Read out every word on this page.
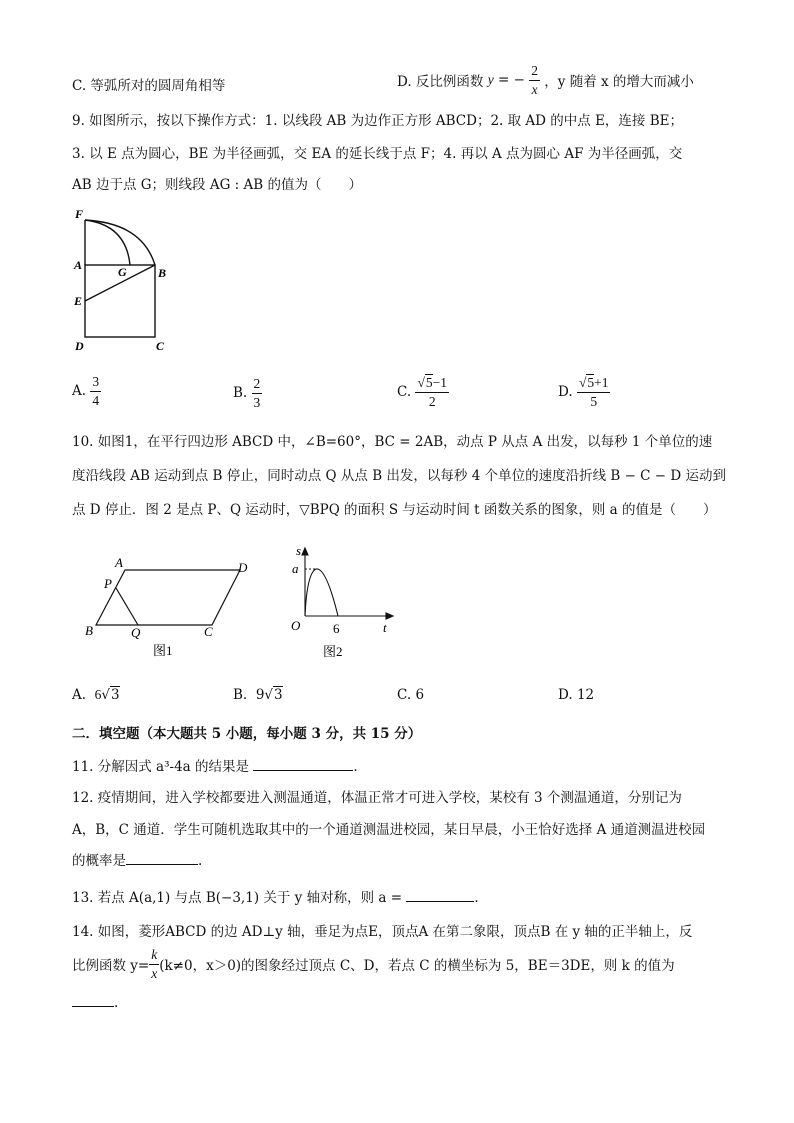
C. 等弧所对的圆周角相等	D. 反比例函数 y = − $\frac{2}{x}$ ，y 随着 x 的增大而减小
9. 如图所示，按以下操作方式：1. 以线段 AB 为边作正方形 ABCD；2. 取 AD 的中点 E，连接 BE；
3. 以 E 点为圆心，BE 为半径画弧，交 EA 的延长线于点 F；4. 再以 A 点为圆心 AF 为半径画弧，交
AB 边于点 G；则线段 AG : AB 的值为（　　）
F
A	G	B
E
D	C
A. $\frac{3}{4}$	B. $\frac{2}{3}$	C. $\frac{√5-1}{2}$	D. $\frac{√5+1}{5}$
10. 如图1，在平行四边形 ABCD 中，∠B=60°，BC = 2AB，动点 P 从点 A 出发，以每秒 1 个单位的速
度沿线段 AB 运动到点 B 停止，同时动点 Q 从点 B 出发，以每秒 4 个单位的速度沿折线 B − C − D 运动到
点 D 停止．图 2 是点 P、Q 运动时，▽BPQ 的面积 S 与运动时间 t 函数关系的图象，则 a 的值是（　　）
A	D
P
B	Q	C
图1
s
a
O	6	t
图2
A. 6√3	B. 9√3	C. 6	D. 12
二．填空题（本大题共 5 小题，每小题 3 分，共 15 分）
11. 分解因式 a³-4a 的结果是	.
12. 疫情期间，进入学校都要进入测温通道，体温正常才可进入学校，某校有 3 个测温通道，分别记为
A，B，C 通道．学生可随机选取其中的一个通道测温进校园，某日早晨，小王恰好选择 A 通道测温进校园
的概率是	.
13. 若点 A(a,1) 与点 B(−3,1) 关于 y 轴对称，则 a =	.
14. 如图，菱形ABCD 的边 AD⊥y 轴，垂足为点E，顶点A 在第二象限，顶点B 在 y 轴的正半轴上，反
比例函数 $y= \frac{k}{x} (k\ne 0$，x＞0)的图象经过顶点 C、D，若点 C 的横坐标为 5，BE＝3DE，则 k 的值为
.
